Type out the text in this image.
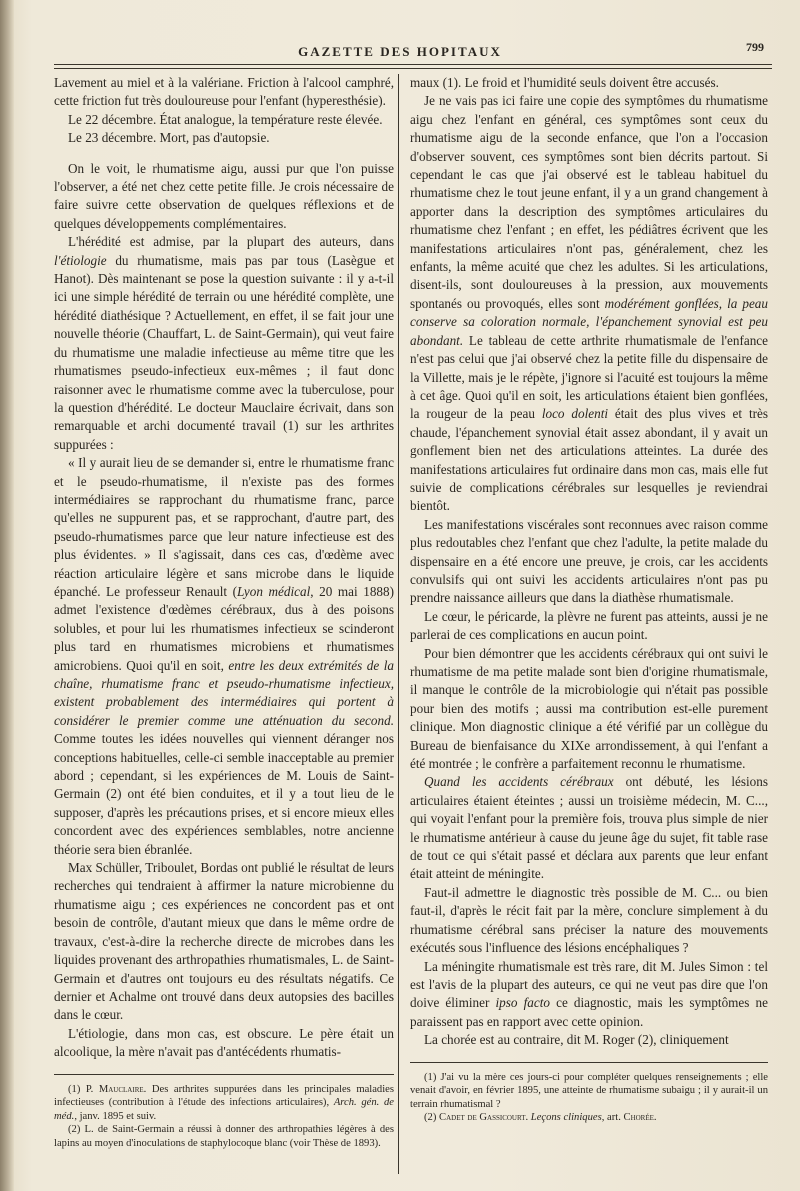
GAZETTE DES HOPITAUX	799

Lavement au miel et à la valériane. Friction à l'alcool camphré, cette friction fut très douloureuse pour l'enfant (hyperesthésie).

Le 22 décembre. État analogue, la température reste élevée.

Le 23 décembre. Mort, pas d'autopsie.

On le voit, le rhumatisme aigu, aussi pur que l'on puisse l'observer, a été net chez cette petite fille. Je crois nécessaire de faire suivre cette observation de quelques réflexions et de quelques développements complémentaires.

L'hérédité est admise, par la plupart des auteurs, dans l'étiologie du rhumatisme, mais pas par tous (Lasègue et Hanot). Dès maintenant se pose la question suivante : il y a-t-il ici une simple hérédité de terrain ou une hérédité complète, une hérédité diathésique ? Actuellement, en effet, il se fait jour une nouvelle théorie (Chauffart, L. de Saint-Germain), qui veut faire du rhumatisme une maladie infectieuse au même titre que les rhumatismes pseudo-infectieux eux-mêmes ; il faut donc raisonner avec le rhumatisme comme avec la tuberculose, pour la question d'hérédité. Le docteur Mauclaire écrivait, dans son remarquable et archi documenté travail (1) sur les arthrites suppurées :

« Il y aurait lieu de se demander si, entre le rhumatisme franc et le pseudo-rhumatisme, il n'existe pas des formes intermédiaires se rapprochant du rhumatisme franc, parce qu'elles ne suppurent pas, et se rapprochant, d'autre part, des pseudo-rhumatismes parce que leur nature infectieuse est des plus évidentes. » Il s'agissait, dans ces cas, d'œdème avec réaction articulaire légère et sans microbe dans le liquide épanché. Le professeur Renault (Lyon médical, 20 mai 1888) admet l'existence d'œdèmes cérébraux, dus à des poisons solubles, et pour lui les rhumatismes infectieux se scinderont plus tard en rhumatismes microbiens et rhumatismes amicrobiens. Quoi qu'il en soit, entre les deux extrémités de la chaîne, rhumatisme franc et pseudo-rhumatisme infectieux, existent probablement des intermédiaires qui portent à considérer le premier comme une atténuation du second. Comme toutes les idées nouvelles qui viennent déranger nos conceptions habituelles, celle-ci semble inacceptable au premier abord ; cependant, si les expériences de M. Louis de Saint-Germain (2) ont été bien conduites, et il y a tout lieu de le supposer, d'après les précautions prises, et si encore mieux elles concordent avec des expériences semblables, notre ancienne théorie sera bien ébranlée.

Max Schüller, Triboulet, Bordas ont publié le résultat de leurs recherches qui tendraient à affirmer la nature microbienne du rhumatisme aigu ; ces expériences ne concordent pas et ont besoin de contrôle, d'autant mieux que dans le même ordre de travaux, c'est-à-dire la recherche directe de microbes dans les liquides provenant des arthropathies rhumatismales, L. de Saint-Germain et d'autres ont toujours eu des résultats négatifs. Ce dernier et Achalme ont trouvé dans deux autopsies des bacilles dans le cœur.

L'étiologie, dans mon cas, est obscure. Le père était un alcoolique, la mère n'avait pas d'antécédents rhumatis-

(1) P. Mauclaire. Des arthrites suppurées dans les principales maladies infectieuses (contribution à l'étude des infections articulaires), Arch. gén. de méd., janv. 1895 et suiv.

(2) L. de Saint-Germain a réussi à donner des arthropathies légères à des lapins au moyen d'inoculations de staphylocoque blanc (voir Thèse de 1893).

maux (1). Le froid et l'humidité seuls doivent être accusés.

Je ne vais pas ici faire une copie des symptômes du rhumatisme aigu chez l'enfant en général, ces symptômes sont ceux du rhumatisme aigu de la seconde enfance, que l'on a l'occasion d'observer souvent, ces symptômes sont bien décrits partout. Si cependant le cas que j'ai observé est le tableau habituel du rhumatisme chez le tout jeune enfant, il y a un grand changement à apporter dans la description des symptômes articulaires du rhumatisme chez l'enfant ; en effet, les pédiâtres écrivent que les manifestations articulaires n'ont pas, généralement, chez les enfants, la même acuité que chez les adultes. Si les articulations, disent-ils, sont douloureuses à la pression, aux mouvements spontanés ou provoqués, elles sont modérément gonflées, la peau conserve sa coloration normale, l'épanchement synovial est peu abondant. Le tableau de cette arthrite rhumatismale de l'enfance n'est pas celui que j'ai observé chez la petite fille du dispensaire de la Villette, mais je le répète, j'ignore si l'acuité est toujours la même à cet âge. Quoi qu'il en soit, les articulations étaient bien gonflées, la rougeur de la peau loco dolenti était des plus vives et très chaude, l'épanchement synovial était assez abondant, il y avait un gonflement bien net des articulations atteintes. La durée des manifestations articulaires fut ordinaire dans mon cas, mais elle fut suivie de complications cérébrales sur lesquelles je reviendrai bientôt.

Les manifestations viscérales sont reconnues avec raison comme plus redoutables chez l'enfant que chez l'adulte, la petite malade du dispensaire en a été encore une preuve, je crois, car les accidents convulsifs qui ont suivi les accidents articulaires n'ont pas pu prendre naissance ailleurs que dans la diathèse rhumatismale.

Le cœur, le péricarde, la plèvre ne furent pas atteints, aussi je ne parlerai de ces complications en aucun point.

Pour bien démontrer que les accidents cérébraux qui ont suivi le rhumatisme de ma petite malade sont bien d'origine rhumatismale, il manque le contrôle de la microbiologie qui n'était pas possible pour bien des motifs ; aussi ma contribution est-elle purement clinique. Mon diagnostic clinique a été vérifié par un collègue du Bureau de bienfaisance du XIXe arrondissement, à qui l'enfant a été montrée ; le confrère a parfaitement reconnu le rhumatisme.

Quand les accidents cérébraux ont débuté, les lésions articulaires étaient éteintes ; aussi un troisième médecin, M. C..., qui voyait l'enfant pour la première fois, trouva plus simple de nier le rhumatisme antérieur à cause du jeune âge du sujet, fit table rase de tout ce qui s'était passé et déclara aux parents que leur enfant était atteint de méningite.

Faut-il admettre le diagnostic très possible de M. C... ou bien faut-il, d'après le récit fait par la mère, conclure simplement à du rhumatisme cérébral sans préciser la nature des mouvements exécutés sous l'influence des lésions encéphaliques ?

La méningite rhumatismale est très rare, dit M. Jules Simon : tel est l'avis de la plupart des auteurs, ce qui ne veut pas dire que l'on doive éliminer ipso facto ce diagnostic, mais les symptômes ne paraissent pas en rapport avec cette opinion.

La chorée est au contraire, dit M. Roger (2), cliniquement

(1) J'ai vu la mère ces jours-ci pour compléter quelques renseignements ; elle venait d'avoir, en février 1895, une atteinte de rhumatisme subaigu ; il y aurait-il un terrain rhumatismal ?

(2) Cadet de Gassicourt. Leçons cliniques, art. Chorée.
